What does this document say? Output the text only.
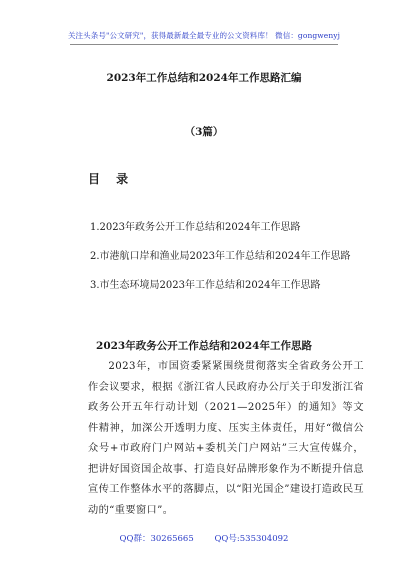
关注头条号"公文研究"，获得最新最全最专业的公文资料库！ 微信：gongwenyj
2023年工作总结和2024年工作思路汇编
（3篇）
目 录
1.2023年政务公开工作总结和2024年工作思路
2.市港航口岸和渔业局2023年工作总结和2024年工作思路
3.市生态环境局2023年工作总结和2024年工作思路
2023年政务公开工作总结和2024年工作思路
2023年，市国资委紧紧围绕贯彻落实全省政务公开工作会议要求，根据《浙江省人民政府办公厅关于印发浙江省政务公开五年行动计划（2021—2025年）的通知》等文件精神，加深公开透明力度、压实主体责任，用好“微信公众号+市政府门户网站+委机关门户网站”三大宣传媒介，把讲好国资国企故事、打造良好品牌形象作为不断提升信息宣传工作整体水平的落脚点，以“阳光国企”建设打造政民互动的“重要窗口”。
QQ群：30265665 QQ号:535304092
